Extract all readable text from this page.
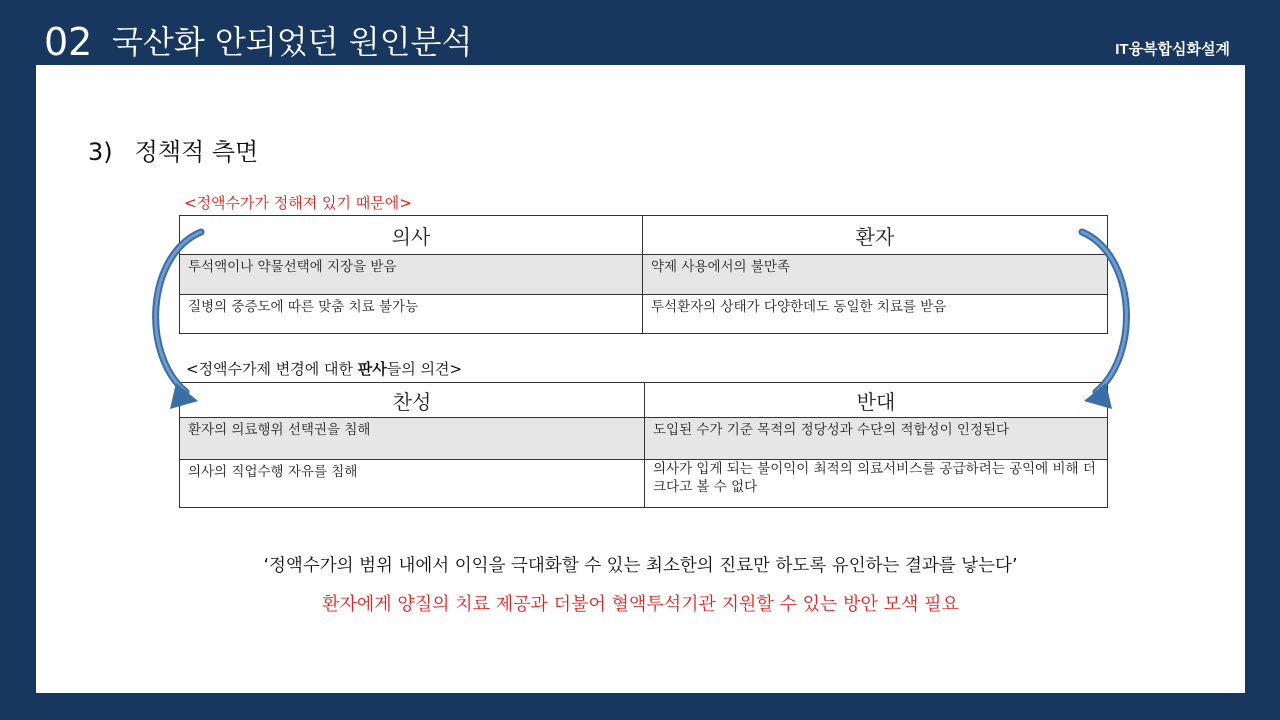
02 국산화 안되었던 원인분석	IT융복합심화설계
3) 정책적 측면
<정액수가가 정해져 있기 때문에>
의사	환자
투석액이나 약물선택에 지장을 받음	약제 사용에서의 불만족
질병의 중증도에 따른 맞춤 치료 불가능	투석환자의 상태가 다양한데도 동일한 치료를 받음
<정액수가제 변경에 대한 판사들의 의견>
찬성	반대
환자의 의료행위 선택권을 침해	도입된 수가 기준 목적의 정당성과 수단의 적합성이 인정된다
의사의 직업수행 자유를 침해	의사가 입게 되는 불이익이 최적의 의료서비스를 공급하려는 공익에 비해 더 크다고 볼 수 없다
‘정액수가의 범위 내에서 이익을 극대화할 수 있는 최소한의 진료만 하도록 유인하는 결과를 낳는다’
환자에게 양질의 치료 제공과 더불어 혈액투석기관 지원할 수 있는 방안 모색 필요
